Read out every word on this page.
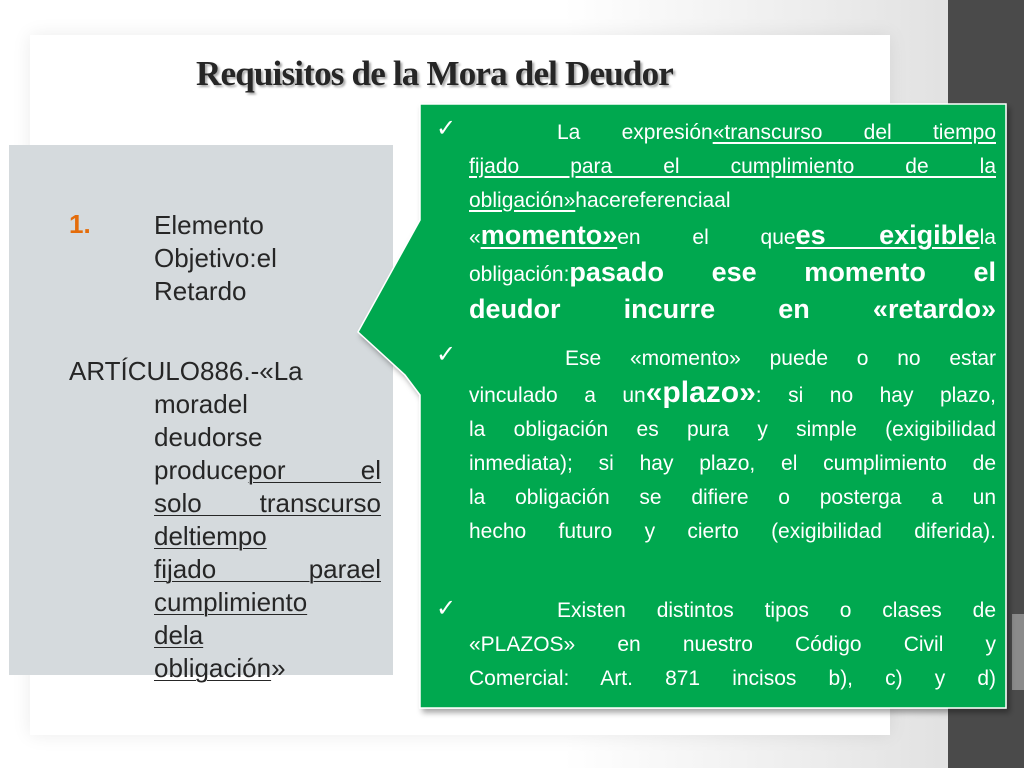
Requisitos de la Mora del Deudor
1. Elemento
Objetivo:el
Retardo
ARTÍCULO886.-«La
moradel
deudorse
producepor el
solo transcurso
deltiempo
fijado parael
cumplimiento
dela
obligación»
✓
✓
✓
La expresión«transcurso del tiempo
fijado para el cumplimiento de la
obligación»hacereferenciaal
«momento»en el quees exigiblela
obligación:pasado ese momento el
deudor incurre en «retardo»
Ese «momento» puede o no estar
vinculado a un«plazo»: si no hay plazo,
la obligación es pura y simple (exigibilidad
inmediata); si hay plazo, el cumplimiento de
la obligación se difiere o posterga a un
hecho futuro y cierto (exigibilidad diferida).
Existen distintos tipos o clases de
«PLAZOS» en nuestro Código Civil y
Comercial: Art. 871 incisos b), c) y d)
